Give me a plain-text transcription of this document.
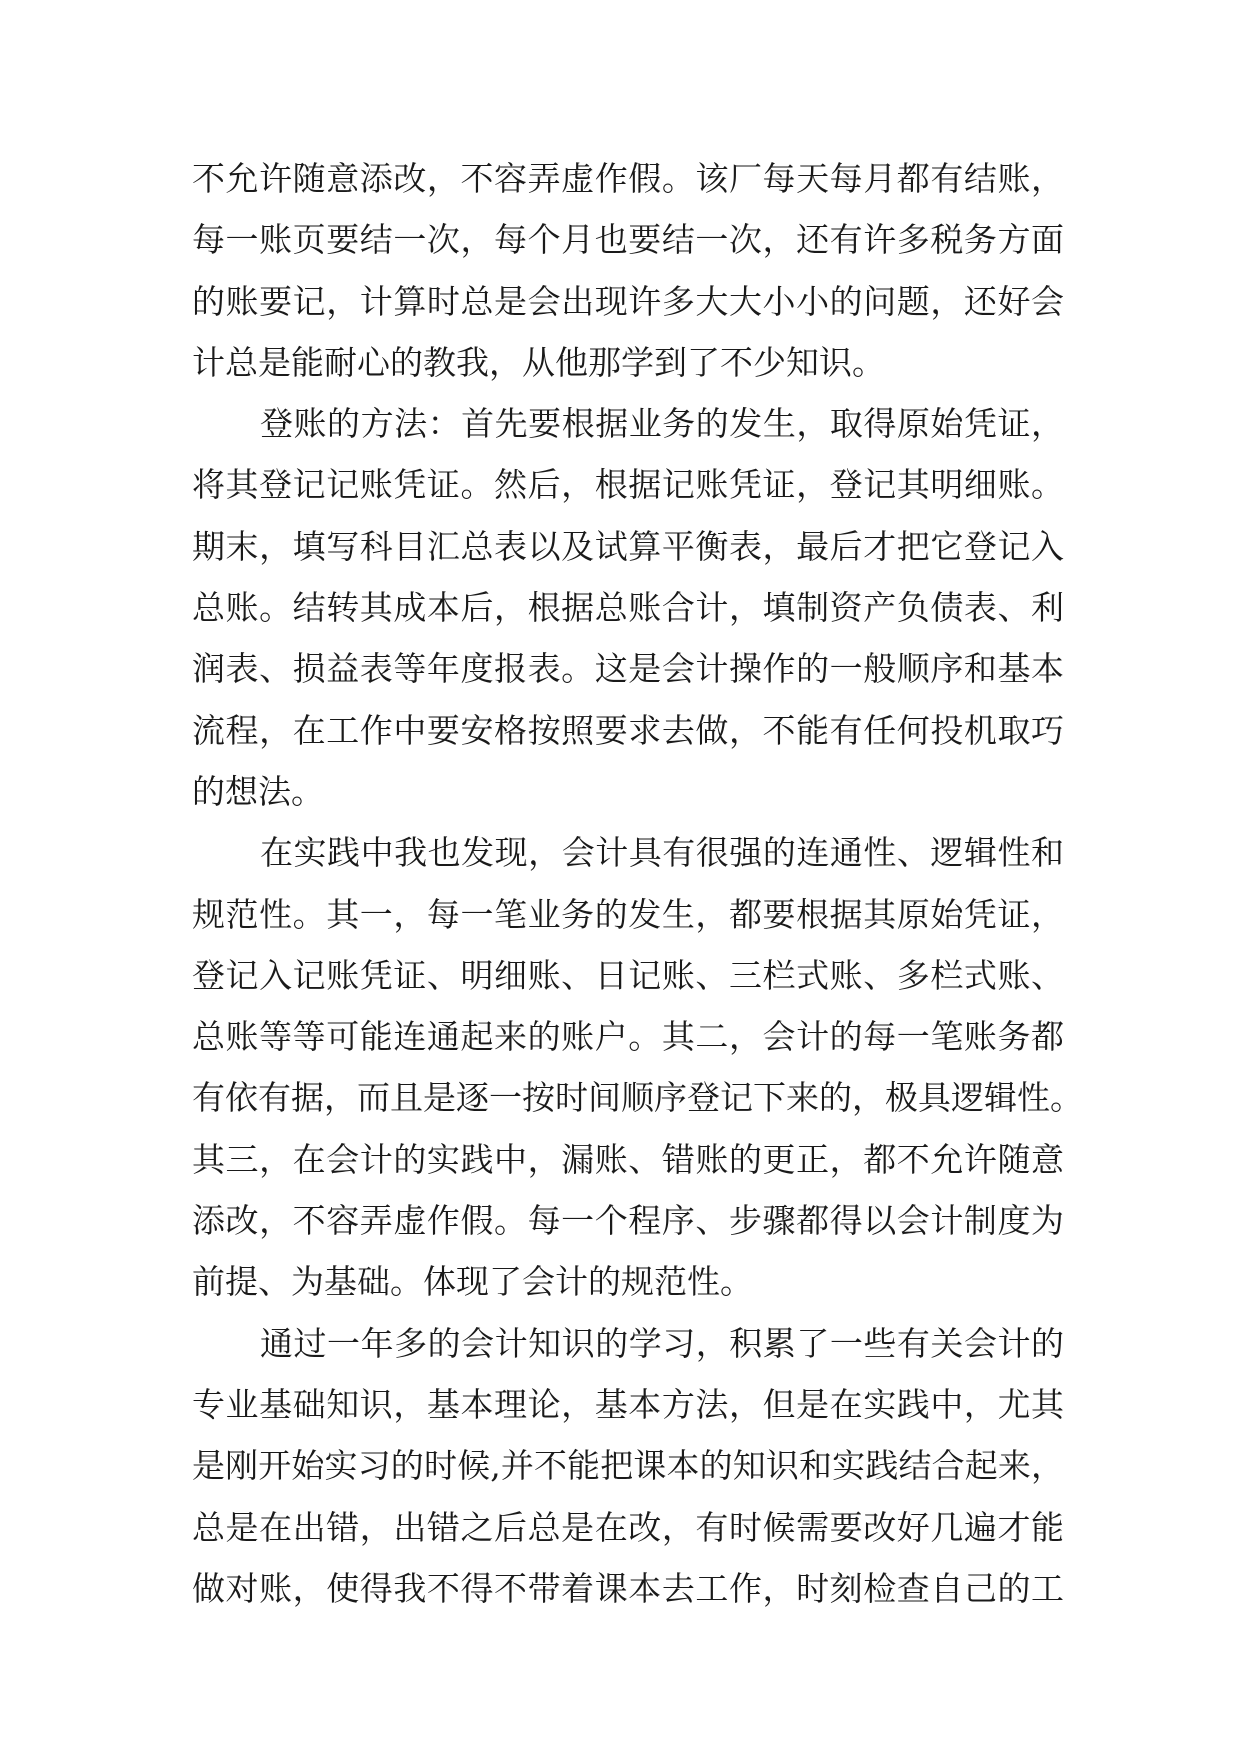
不允许随意添改，不容弄虚作假。该厂每天每月都有结账，
每一账页要结一次，每个月也要结一次，还有许多税务方面
的账要记，计算时总是会出现许多大大小小的问题，还好会
计总是能耐心的教我，从他那学到了不少知识。
登账的方法：首先要根据业务的发生，取得原始凭证，
将其登记记账凭证。然后，根据记账凭证，登记其明细账。
期末，填写科目汇总表以及试算平衡表，最后才把它登记入
总账。结转其成本后，根据总账合计，填制资产负债表、利
润表、损益表等年度报表。这是会计操作的一般顺序和基本
流程，在工作中要安格按照要求去做，不能有任何投机取巧
的想法。
在实践中我也发现，会计具有很强的连通性、逻辑性和
规范性。其一，每一笔业务的发生，都要根据其原始凭证，
登记入记账凭证、明细账、日记账、三栏式账、多栏式账、
总账等等可能连通起来的账户。其二，会计的每一笔账务都
有依有据，而且是逐一按时间顺序登记下来的，极具逻辑性。
其三，在会计的实践中，漏账、错账的更正，都不允许随意
添改，不容弄虚作假。每一个程序、步骤都得以会计制度为
前提、为基础。体现了会计的规范性。
通过一年多的会计知识的学习，积累了一些有关会计的
专业基础知识，基本理论，基本方法，但是在实践中，尤其
是刚开始实习的时候,并不能把课本的知识和实践结合起来，
总是在出错，出错之后总是在改，有时候需要改好几遍才能
做对账，使得我不得不带着课本去工作，时刻检查自己的工
